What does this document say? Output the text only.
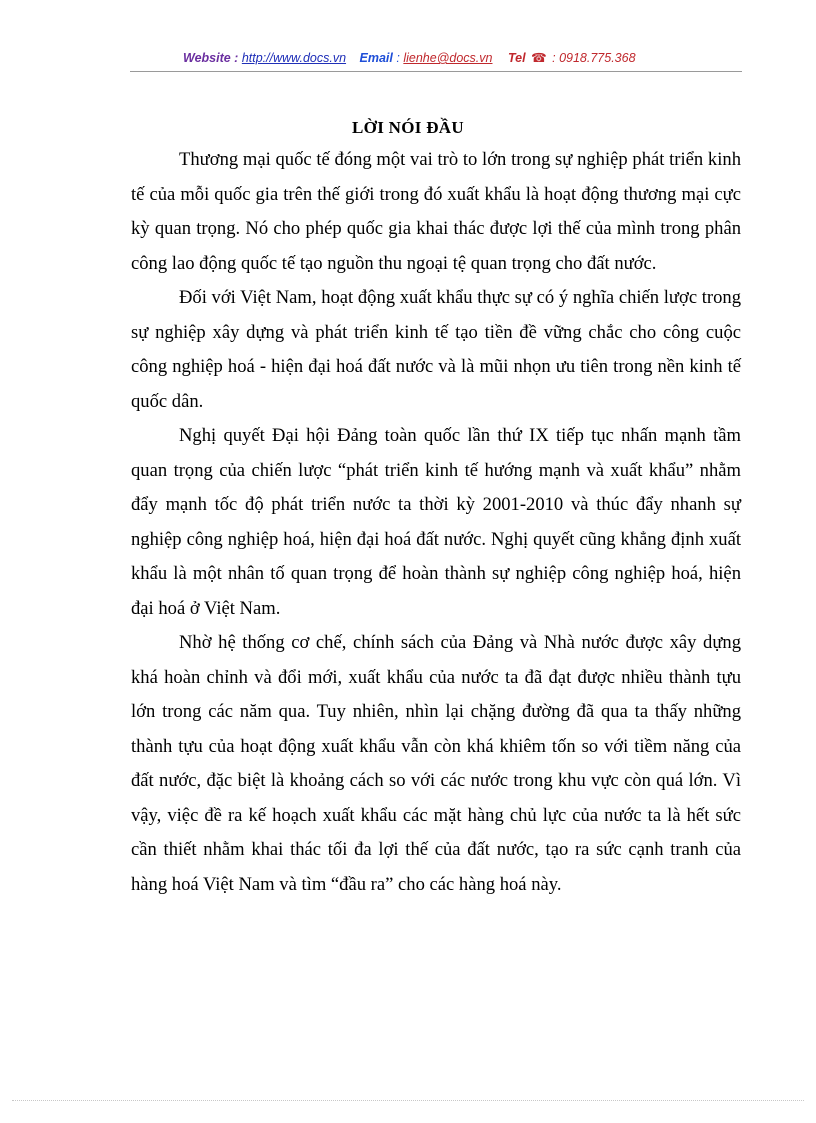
Website : http://www.docs.vn Email : lienhe@docs.vn Tel ☎ : 0918.775.368
LỜI NÓI ĐẦU

Thương mại quốc tế đóng một vai trò to lớn trong sự nghiệp phát triển kinh tế của mỗi quốc gia trên thế giới trong đó xuất khẩu là hoạt động thương mại cực kỳ quan trọng. Nó cho phép quốc gia khai thác được lợi thế của mình trong phân công lao động quốc tế tạo nguồn thu ngoại tệ quan trọng cho đất nước.

Đối với Việt Nam, hoạt động xuất khẩu thực sự có ý nghĩa chiến lược trong sự nghiệp xây dựng và phát triển kinh tế tạo tiền đề vững chắc cho công cuộc công nghiệp hoá - hiện đại hoá đất nước và là mũi nhọn ưu tiên trong nền kinh tế quốc dân.

Nghị quyết Đại hội Đảng toàn quốc lần thứ IX tiếp tục nhấn mạnh tầm quan trọng của chiến lược “phát triển kinh tế hướng mạnh và xuất khẩu” nhằm đẩy mạnh tốc độ phát triển nước ta thời kỳ 2001-2010 và thúc đẩy nhanh sự nghiệp công nghiệp hoá, hiện đại hoá đất nước. Nghị quyết cũng khẳng định xuất khẩu là một nhân tố quan trọng để hoàn thành sự nghiệp công nghiệp hoá, hiện đại hoá ở Việt Nam.

Nhờ hệ thống cơ chế, chính sách của Đảng và Nhà nước được xây dựng khá hoàn chỉnh và đổi mới, xuất khẩu của nước ta đã đạt được nhiều thành tựu lớn trong các năm qua. Tuy nhiên, nhìn lại chặng đường đã qua ta thấy những thành tựu của hoạt động xuất khẩu vẫn còn khá khiêm tốn so với tiềm năng của đất nước, đặc biệt là khoảng cách so với các nước trong khu vực còn quá lớn. Vì vậy, việc đề ra kế hoạch xuất khẩu các mặt hàng chủ lực của nước ta là hết sức cần thiết nhằm khai thác tối đa lợi thế của đất nước, tạo ra sức cạnh tranh của hàng hoá Việt Nam và tìm “đầu ra” cho các hàng hoá này.
